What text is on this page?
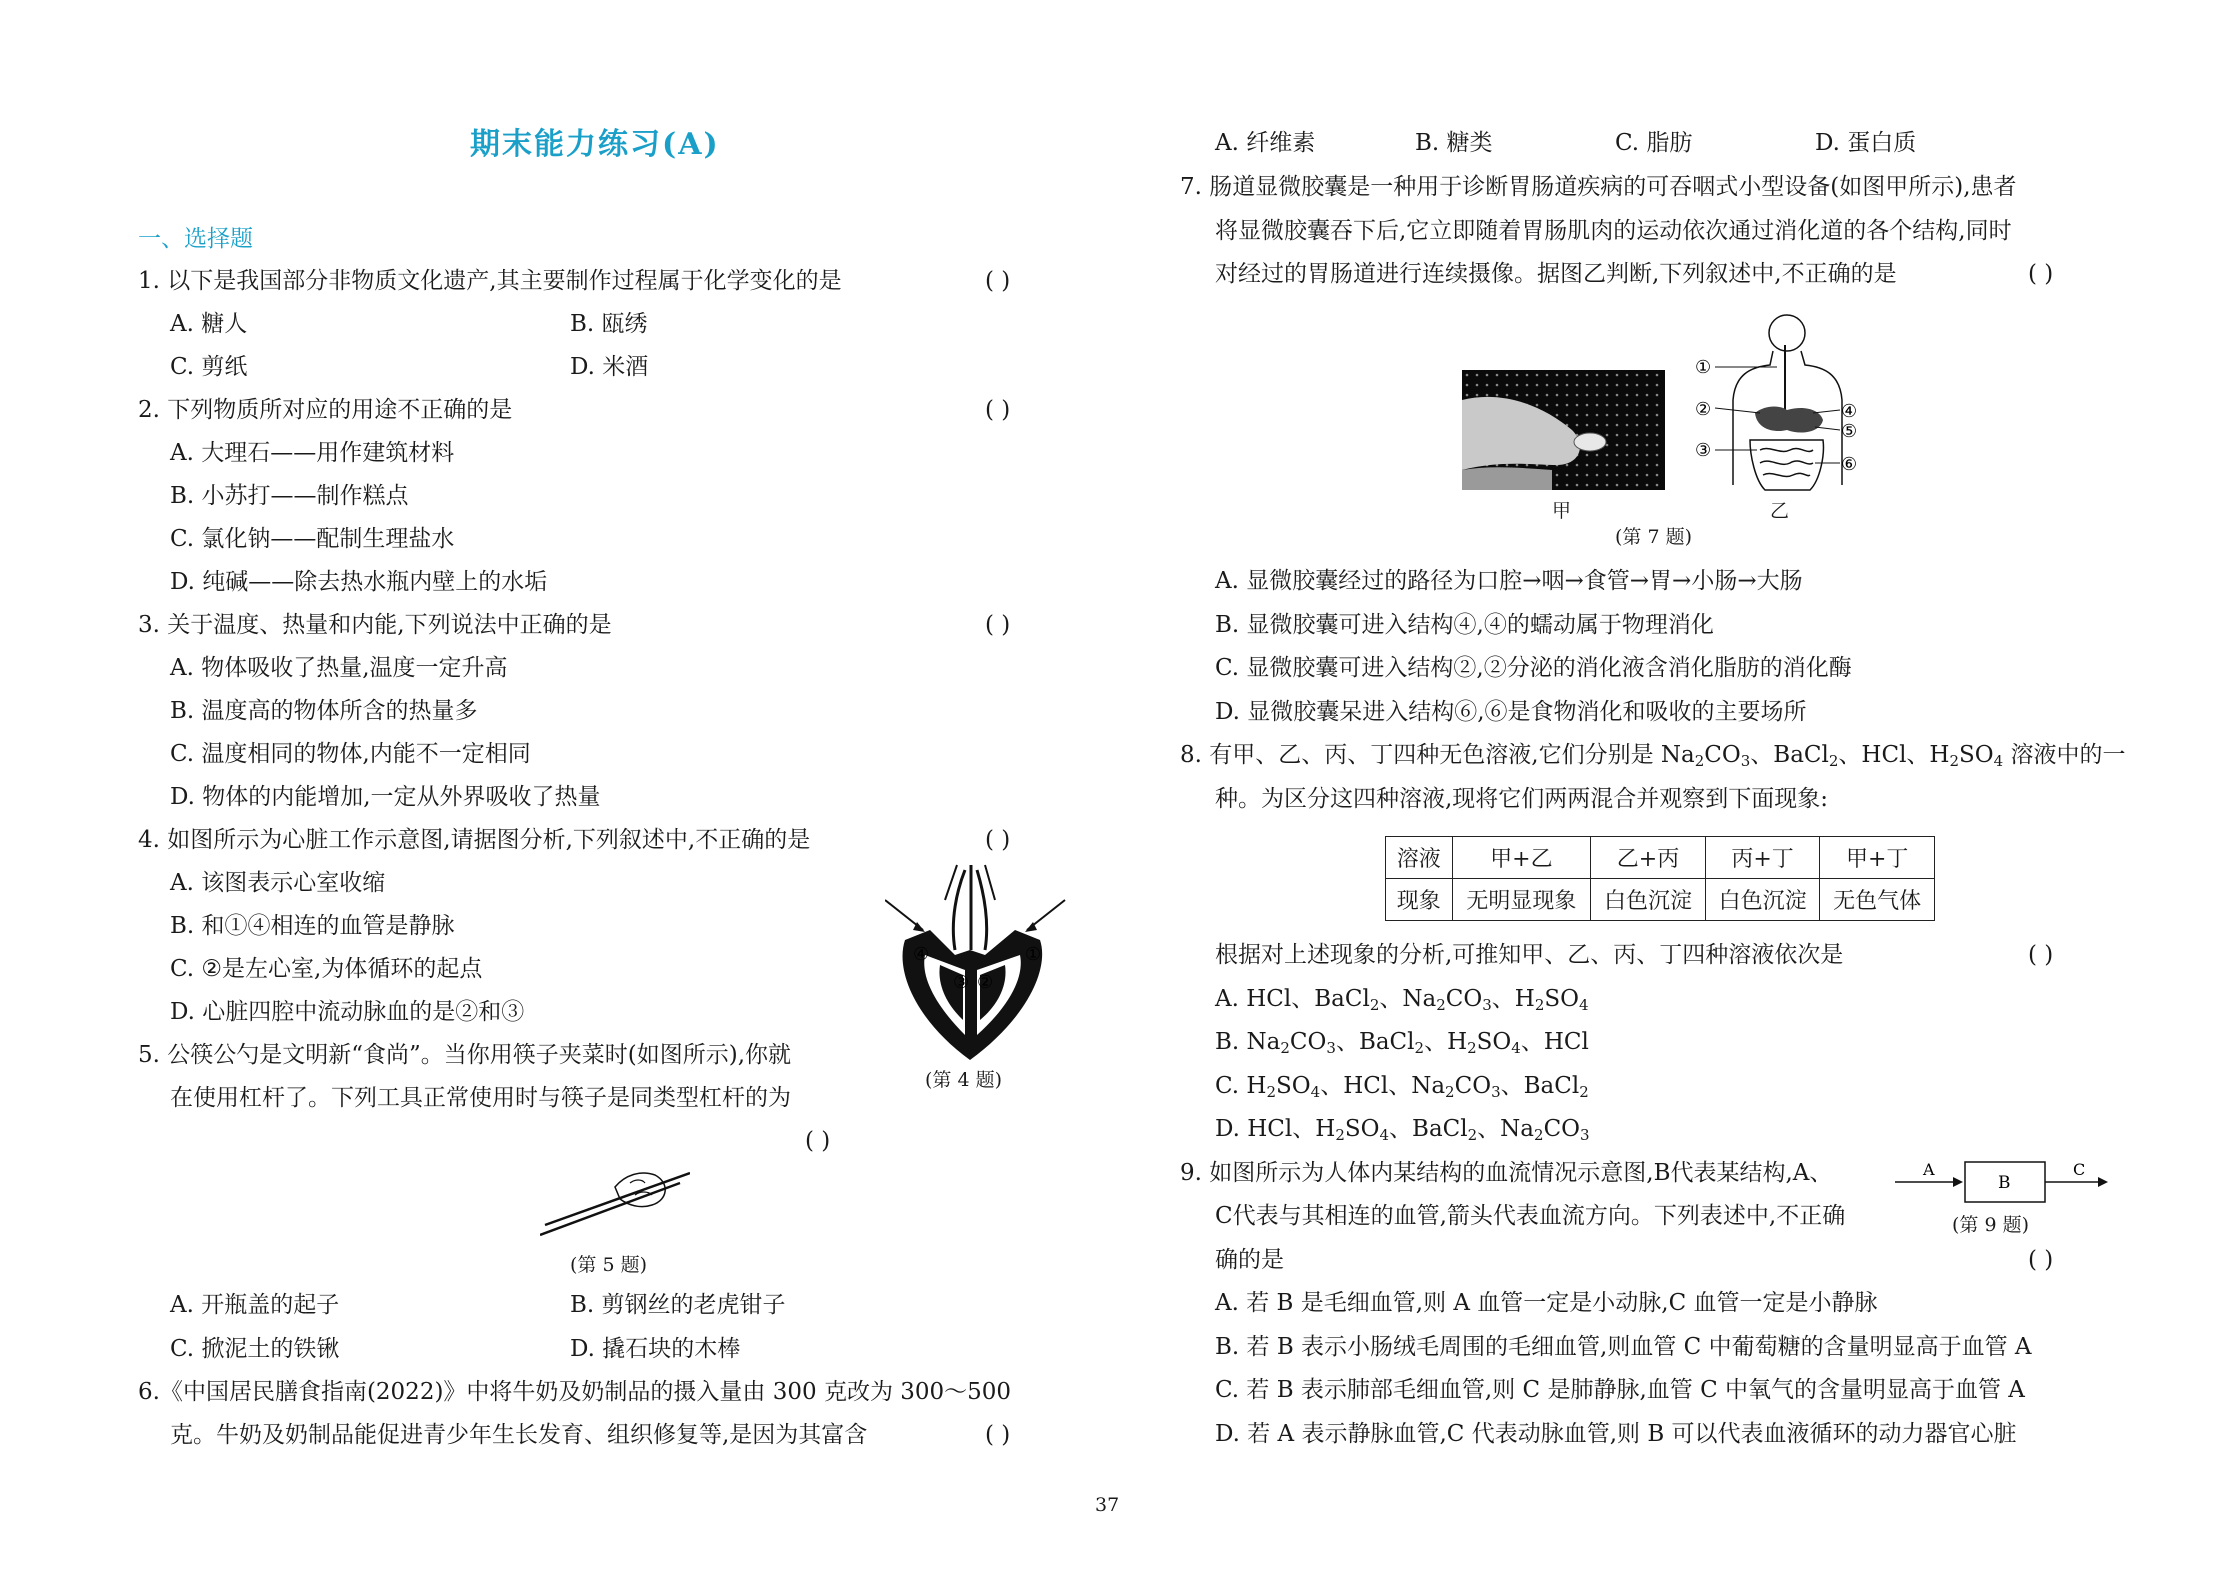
期末能力练习(A)
一、选择题
1. 以下是我国部分非物质文化遗产,其主要制作过程属于化学变化的是	( )
A. 糖人	B. 瓯绣
C. 剪纸	D. 米酒
2. 下列物质所对应的用途不正确的是	( )
A. 大理石——用作建筑材料
B. 小苏打——制作糕点
C. 氯化钠——配制生理盐水
D. 纯碱——除去热水瓶内壁上的水垢
3. 关于温度、热量和内能,下列说法中正确的是	( )
A. 物体吸收了热量,温度一定升高
B. 温度高的物体所含的热量多
C. 温度相同的物体,内能不一定相同
D. 物体的内能增加,一定从外界吸收了热量
4. 如图所示为心脏工作示意图,请据图分析,下列叙述中,不正确的是	( )
A. 该图表示心室收缩
B. 和①④相连的血管是静脉
C. ②是左心室,为体循环的起点
D. 心脏四腔中流动脉血的是②和③
④
③ ②
①
(第 4 题)
5. 公筷公勺是文明新“食尚”。当你用筷子夹菜时(如图所示),你就
在使用杠杆了。下列工具正常使用时与筷子是同类型杠杆的为
( )
(第 5 题)
A. 开瓶盖的起子	B. 剪钢丝的老虎钳子
C. 掀泥土的铁锹	D. 撬石块的木棒
6.《中国居民膳食指南(2022)》中将牛奶及奶制品的摄入量由 300 克改为 300～500
克。牛奶及奶制品能促进青少年生长发育、组织修复等,是因为其富含	( )
37
A. 纤维素	B. 糖类	C. 脂肪	D. 蛋白质
7. 肠道显微胶囊是一种用于诊断胃肠道疾病的可吞咽式小型设备(如图甲所示),患者
将显微胶囊吞下后,它立即随着胃肠肌肉的运动依次通过消化道的各个结构,同时
对经过的胃肠道进行连续摄像。据图乙判断,下列叙述中,不正确的是	( )
甲
①
②
③
④
⑤
⑥
乙
(第 7 题)
A. 显微胶囊经过的路径为口腔→咽→食管→胃→小肠→大肠
B. 显微胶囊可进入结构④,④的蠕动属于物理消化
C. 显微胶囊可进入结构②,②分泌的消化液含消化脂肪的消化酶
D. 显微胶囊呆进入结构⑥,⑥是食物消化和吸收的主要场所
8. 有甲、乙、丙、丁四种无色溶液,它们分别是 $Na_2CO_3$、BaCl$_2$、HCl、$H_2SO_4$ 溶液中的一
种。为区分这四种溶液,现将它们两两混合并观察到下面现象:
溶液	甲+乙	乙+丙	丙+丁	甲+丁
现象	无明显现象	白色沉淀	白色沉淀	无色气体
根据对上述现象的分析,可推知甲、乙、丙、丁四种溶液依次是	( )
A. HCl、BaCl$_2$、$Na_2CO_3$、$H_2SO_4$
B. $Na_2CO_3$、BaCl$_2$、$H_2SO_4$、HCl
C. $H_2SO_4$、HCl、$Na_2CO_3$、BaCl$_2$
D. HCl、$H_2SO_4$、BaCl$_2$、$Na_2CO_3$
9. 如图所示为人体内某结构的血流情况示意图,B代表某结构,A、
C代表与其相连的血管,箭头代表血流方向。下列表述中,不正确
确的是	( )
A
B
C
(第 9 题)
A. 若 B 是毛细血管,则 A 血管一定是小动脉,C 血管一定是小静脉
B. 若 B 表示小肠绒毛周围的毛细血管,则血管 C 中葡萄糖的含量明显高于血管 A
C. 若 B 表示肺部毛细血管,则 C 是肺静脉,血管 C 中氧气的含量明显高于血管 A
D. 若 A 表示静脉血管,C 代表动脉血管,则 B 可以代表血液循环的动力器官心脏
